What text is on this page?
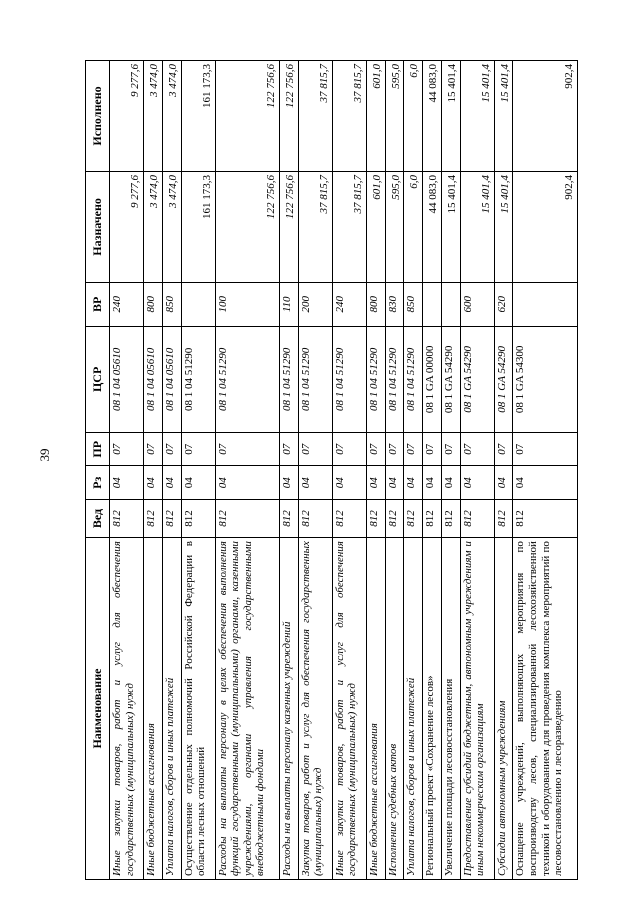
39
Наименование	Вед	Рз	ПР	ЦСР	ВР	Назначено	Исполнено
Иные закупки товаров, работ и услуг для обеспечения государственных (муниципальных) нужд	812	04	07	08 1 04 05610	240	9 277,6	9 277,6
Иные бюджетные ассигнования	812	04	07	08 1 04 05610	800	3 474,0	3 474,0
Уплата налогов, сборов и иных платежей	812	04	07	08 1 04 05610	850	3 474,0	3 474,0
Осуществление отдельных полномочий Российской Федерации в области лесных отношений	812	04	07	08 1 04 51290		161 173,3	161 173,3
Расходы на выплаты персоналу в целях обеспечения выполнения функций государственными (муниципальными) органами, казенными учреждениями, органами управления государственными внебюджетными фондами	812	04	07	08 1 04 51290	100	122 756,6	122 756,6
Расходы на выплаты персоналу казенных учреждений	812	04	07	08 1 04 51290	110	122 756,6	122 756,6
Закупка товаров, работ и услуг для обеспечения государственных (муниципальных) нужд	812	04	07	08 1 04 51290	200	37 815,7	37 815,7
Иные закупки товаров, работ и услуг для обеспечения государственных (муниципальных) нужд	812	04	07	08 1 04 51290	240	37 815,7	37 815,7
Иные бюджетные ассигнования	812	04	07	08 1 04 51290	800	601,0	601,0
Исполнение судебных актов	812	04	07	08 1 04 51290	830	595,0	595,0
Уплата налогов, сборов и иных платежей	812	04	07	08 1 04 51290	850	6,0	6,0
Региональный проект «Сохранение лесов»	812	04	07	08 1 GA 00000		44 083,0	44 083,0
Увеличение площади лесовосстановления	812	04	07	08 1 GA 54290		15 401,4	15 401,4
Предоставление субсидий бюджетным, автономным учреждениям и иным некоммерческим организациям	812	04	07	08 1 GA 54290	600	15 401,4	15 401,4
Субсидии автономным учреждениям	812	04	07	08 1 GA 54290	620	15 401,4	15 401,4
Оснащение учреждений, выполняющих мероприятия по воспроизводству лесов, специализированной лесохозяйственной техникой и оборудованием для проведения комплекса мероприятий по лесовосстановлению и лесоразведению	812	04	07	08 1 GA 54300		902,4	902,4
